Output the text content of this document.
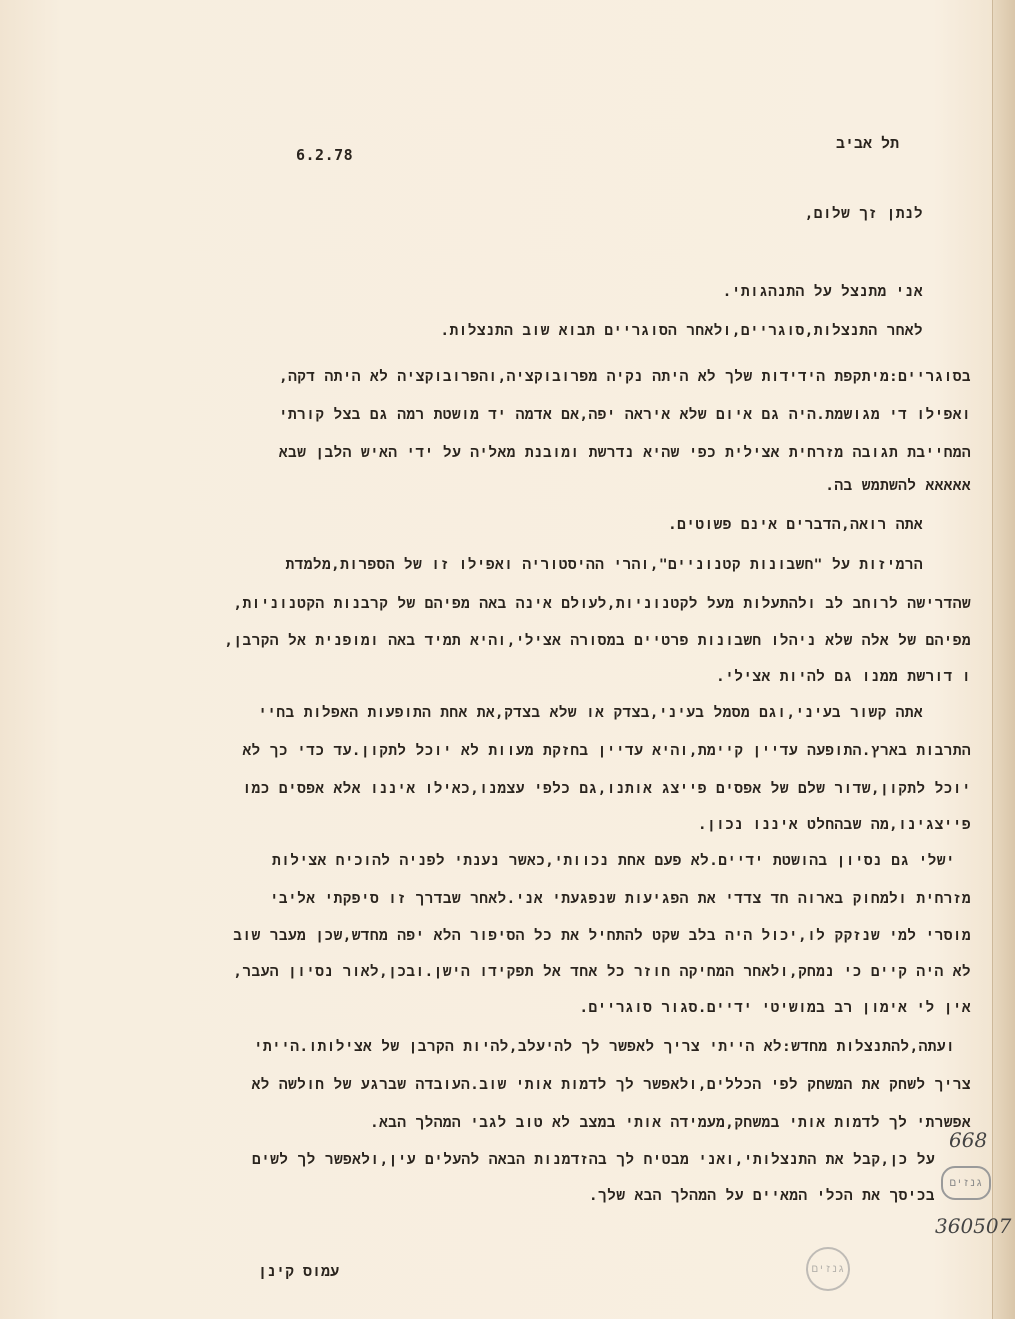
תל אביב
6.2.78
לנתן זך שלום,
אני מתנצל על התנהגותי.
לאחר התנצלות,סוגריים,ולאחר הסוגריים תבוא שוב התנצלות.
בסוגריים:מיתקפת הידידות שלך לא היתה נקיה מפרובוקציה,והפרובוקציה לא היתה דקה,
ואפילו די מגושמת.היה גם איום שלא איראה יפה,אם אדמה יד מושטת רמה גם בצל קורתי
המחייבת תגובה מזרחית אצילית כפי שהיא נדרשת ומובנת מאליה על ידי האיש הלבן שבא
אאאאא להשתמש בה.
אתה רואה,הדברים אינם פשוטים.
הרמיזות על "חשבונות קטנוניים",והרי ההיסטוריה ואפילו זו של הספרות,מלמדת
שהדרישה לרוחב לב ולהתעלות מעל לקטנוניות,לעולם אינה באה מפיהם של קרבנות הקטנוניות,
מפיהם של אלה שלא ניהלו חשבונות פרטיים במסורה אצילי,והיא תמיד באה ומופנית אל הקרבן,
ו דורשת ממנו גם להיות אצילי.
אתה קשור בעיני,וגם מסמל בעיני,בצדק או שלא בצדק,את אחת התופעות האפלות בחיי
התרבות בארץ.התופעה עדיין קיימת,והיא עדיין בחזקת מעוות לא יוכל לתקון.עד כדי כך לא
יוכל לתקון,שדור שלם של אפסים פייצג אותנו,גם כלפי עצמנו,כאילו איננו אלא אפסים כמו
פייצגינו,מה שבהחלט איננו נכון.
ישלי גם נסיון בהושטת ידיים.לא פעם אחת נכוותי,כאשר נענתי לפניה להוכיח אצילות
מזרחית ולמחוק בארוה חד צדדי את הפגיעות שנפגעתי אני.לאחר שבדרך זו סיפקתי אליבי
מוסרי למי שנזקק לו,יכול היה בלב שקט להתחיל את כל הסיפור הלא יפה מחדש,שכן מעבר שוב
לא היה קיים כי נמחק,ולאחר המחיקה חוזר כל אחד אל תפקידו הישן.ובכן,לאור נסיון העבר,
אין לי אימון רב במושיטי ידיים.סגור סוגריים.
ועתה,להתנצלות מחדש:לא הייתי צריך לאפשר לך להיעלב,להיות הקרבן של אצילותו.הייתי
צריך לשחק את המשחק לפי הכללים,ולאפשר לך לדמות אותי שוב.העובדה שברגע של חולשה לא
אפשרתי לך לדמות אותי במשחק,מעמידה אותי במצב לא טוב לגבי המהלך הבא.
על כן,קבל את התנצלותי,ואני מבטיח לך בהזדמנות הבאה להעלים עין,ולאפשר לך לשים
בכיסך את הכלי המאיים על המהלך הבא שלך.
עמוס קינן
668
גנזים
360507
גנזים
